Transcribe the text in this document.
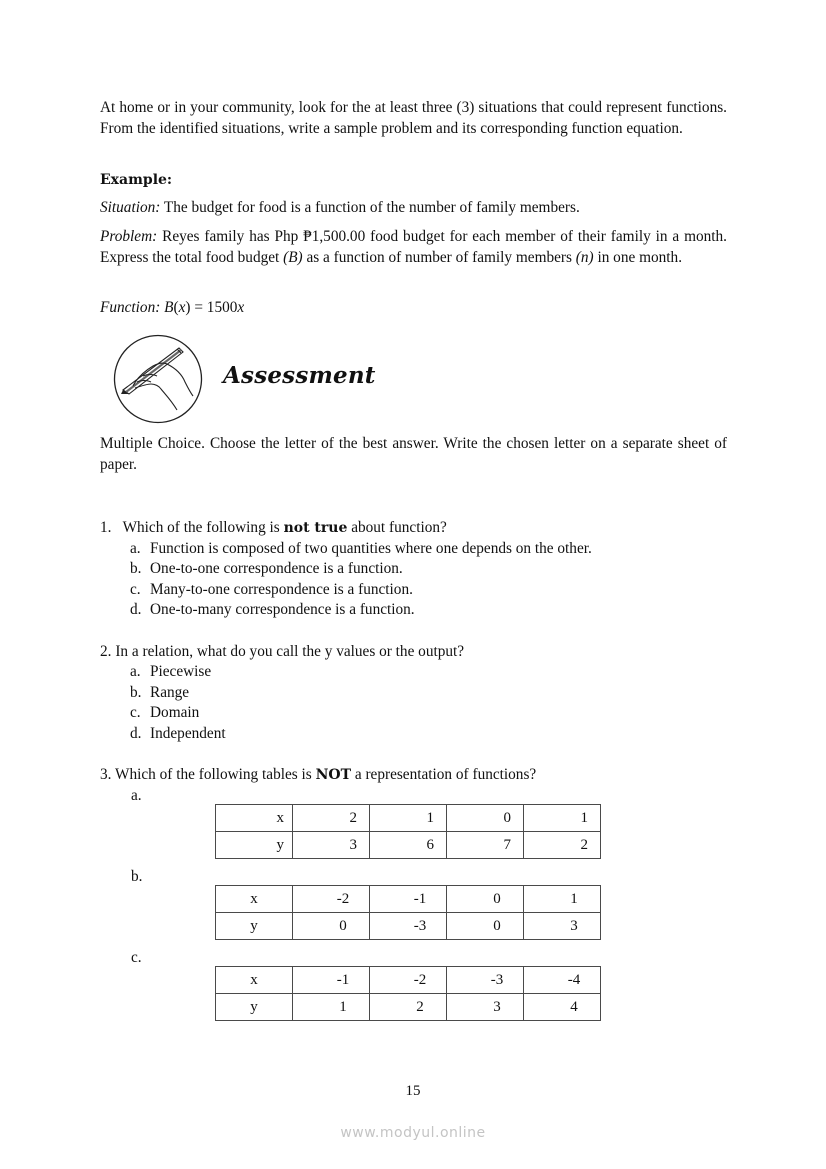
At home or in your community, look for the at least three (3) situations that could represent functions. From the identified situations, write a sample problem and its corresponding function equation.

Example:
Situation: The budget for food is a function of the number of family members.

Problem: Reyes family has Php ₱1,500.00 food budget for each member of their family in a month. Express the total food budget (B) as a function of number of family members (n) in one month.

Function: B(x) = 1500x
Assessment

Multiple Choice. Choose the letter of the best answer. Write the chosen letter on a separate sheet of paper.

1. Which of the following is not true about function?
a. Function is composed of two quantities where one depends on the other.
b. One-to-one correspondence is a function.
c. Many-to-one correspondence is a function.
d. One-to-many correspondence is a function.
2. In a relation, what do you call the y values or the output?
a. Piecewise
b. Range
c. Domain
d. Independent
3. Which of the following tables is NOT a representation of functions?
a.
x	2	1	0	1
y	3	6	7	2
b.
x	-2	-1	0	1
y	0	-3	0	3
c.
x	-1	-2	-3	-4
y	1	2	3	4
15
www.modyul.online
